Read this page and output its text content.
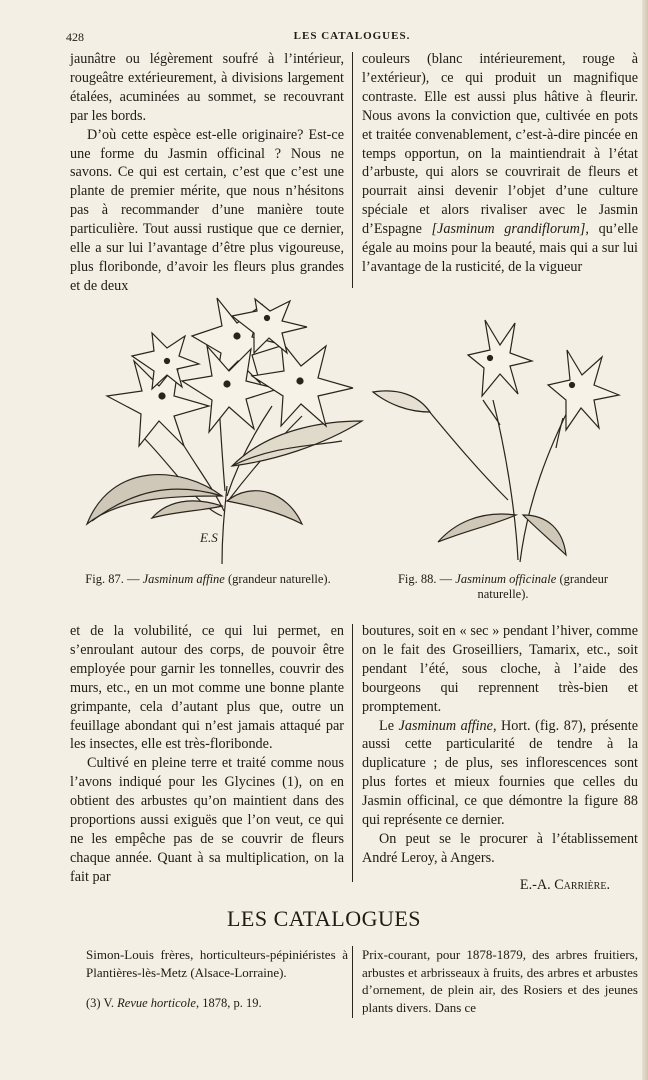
428	LES CATALOGUES.

jaunâtre ou légèrement soufré à l’intérieur, rougeâtre extérieurement, à divisions largement étalées, acuminées au sommet, se recouvrant par les bords.

D’où cette espèce est-elle originaire? Est-ce une forme du Jasmin officinal ? Nous ne savons. Ce qui est certain, c’est que c’est une plante de premier mérite, que nous n’hésitons pas à recommander d’une manière toute particulière. Tout aussi rustique que ce dernier, elle a sur lui l’avantage d’être plus vigoureuse, plus floribonde, d’avoir les fleurs plus grandes et de deux

couleurs (blanc intérieurement, rouge à l’extérieur), ce qui produit un magnifique contraste. Elle est aussi plus hâtive à fleurir. Nous avons la conviction que, cultivée en pots et traitée convenablement, c’est-à-dire pincée en temps opportun, on la maintiendrait à l’état d’arbuste, qui alors se couvrirait de fleurs et pourrait ainsi devenir l’objet d’une culture spéciale et alors rivaliser avec le Jasmin d’Espagne [Jasminum grandiflorum], qu’elle égale au moins pour la beauté, mais qui a sur lui l’avantage de la rusticité, de la vigueur

E.S
Fig. 87. — Jasminum affine (grandeur naturelle).	Fig. 88. — Jasminum officinale (grandeur naturelle).

et de la volubilité, ce qui lui permet, en s’enroulant autour des corps, de pouvoir être employée pour garnir les tonnelles, couvrir des murs, etc., en un mot comme une bonne plante grimpante, cela d’autant plus que, outre un feuillage abondant qui n’est jamais attaqué par les insectes, elle est très-floribonde.

Cultivé en pleine terre et traité comme nous l’avons indiqué pour les Glycines (1), on en obtient des arbustes qu’on maintient dans des proportions aussi exiguës que l’on veut, ce qui ne les empêche pas de se couvrir de fleurs chaque année. Quant à sa multiplication, on la fait par

boutures, soit en « sec » pendant l’hiver, comme on le fait des Groseilliers, Tamarix, etc., soit pendant l’été, sous cloche, à l’aide des bourgeons qui reprennent très-bien et promptement.

Le Jasminum affine, Hort. (fig. 87), présente aussi cette particularité de tendre à la duplicature ; de plus, ses inflorescences sont plus fortes et mieux fournies que celles du Jasmin officinal, ce que démontre la figure 88 qui représente ce dernier.

On peut se le procurer à l’établissement André Leroy, à Angers.

E.-A. Carrière.

LES CATALOGUES
Simon-Louis frères, horticulteurs-pépiniéristes à Plantières-lès-Metz (Alsace-Lorraine).
Prix-courant, pour 1878-1879, des arbres fruitiers, arbustes et arbrisseaux à fruits, des arbres et arbustes d’ornement, de plein air, des Rosiers et des jeunes plants divers. Dans ce
(3) V. Revue horticole, 1878, p. 19.
